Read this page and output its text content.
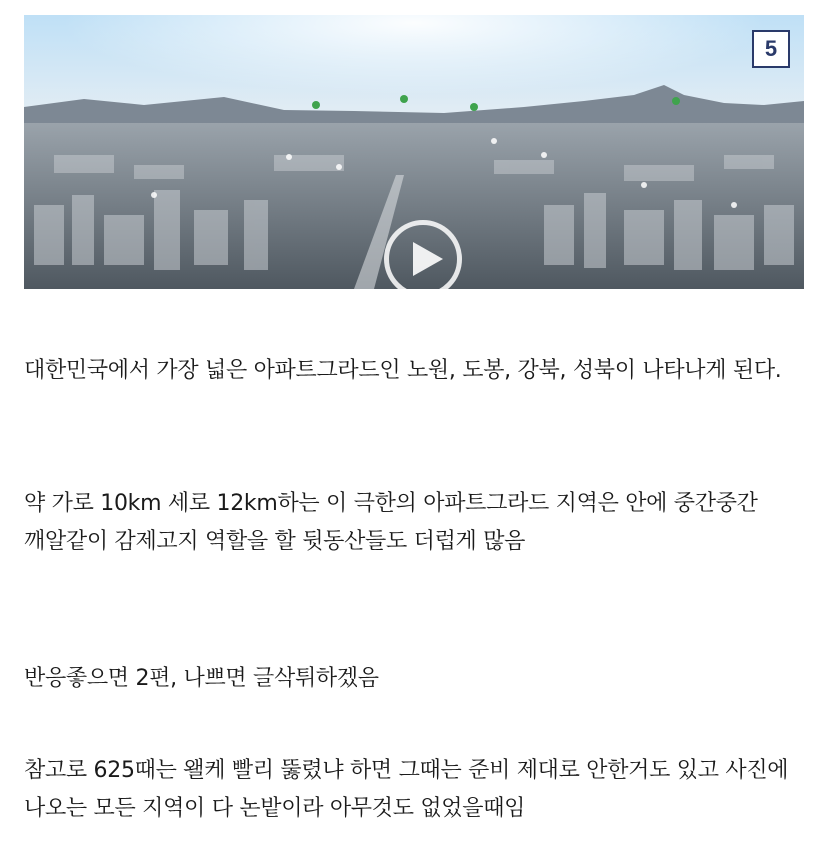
5

대한민국에서 가장 넓은 아파트그라드인 노원, 도봉, 강북, 성북이 나타나게 된다.

약 가로 10km 세로 12km하는 이 극한의 아파트그라드 지역은 안에 중간중간 깨알같이 감제고지 역할을 할 뒷동산들도 더럽게 많음

반응좋으면 2편, 나쁘면 글삭튀하겠음

참고로 625때는 왤케 빨리 뚫렸냐 하면 그때는 준비 제대로 안한거도 있고 사진에 나오는 모든 지역이 다 논밭이라 아무것도 없었을때임
